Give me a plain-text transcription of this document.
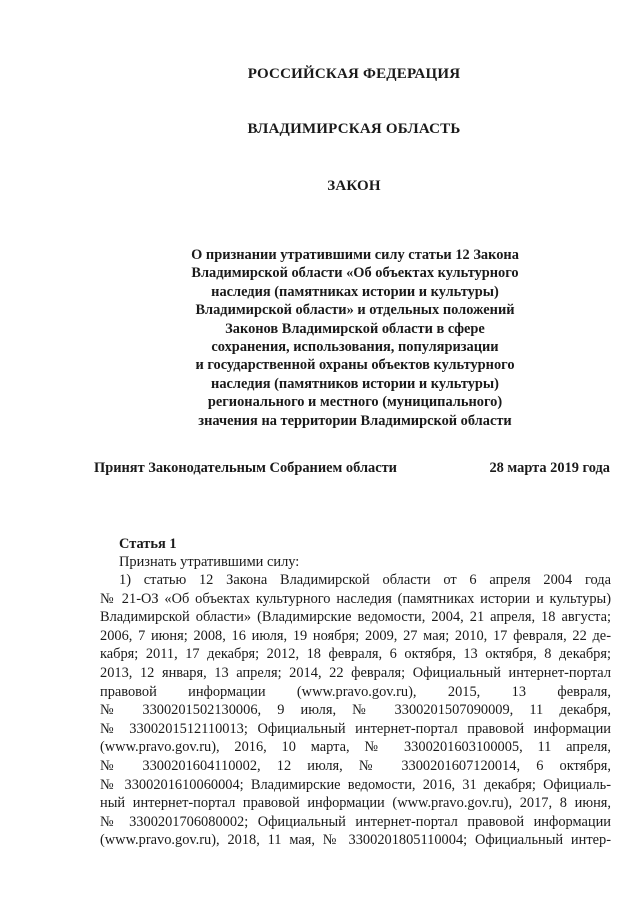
РОССИЙСКАЯ ФЕДЕРАЦИЯ
ВЛАДИМИРСКАЯ ОБЛАСТЬ
ЗАКОН
О признании утратившими силу статьи 12 Закона
Владимирской области «Об объектах культурного
наследия (памятниках истории и культуры)
Владимирской области» и отдельных положений
Законов Владимирской области в сфере
сохранения, использования, популяризации
и государственной охраны объектов культурного
наследия (памятников истории и культуры)
регионального и местного (муниципального)
значения на территории Владимирской области
Принят Законодательным Собранием области	28 марта 2019 года
Статья 1
Признать утратившими силу:
1) статью 12 Закона Владимирской области от 6 апреля 2004 года
№ 21-ОЗ «Об объектах культурного наследия (памятниках истории и культуры)
Владимирской области» (Владимирские ведомости, 2004, 21 апреля, 18 августа;
2006, 7 июня; 2008, 16 июля, 19 ноября; 2009, 27 мая; 2010, 17 февраля, 22 де-
кабря; 2011, 17 декабря; 2012, 18 февраля, 6 октября, 13 октября, 8 декабря;
2013, 12 января, 13 апреля; 2014, 22 февраля; Официальный интернет-портал
правовой информации (www.pravo.gov.ru), 2015, 13 февраля,
№ 3300201502130006, 9 июля, № 3300201507090009, 11 декабря,
№ 3300201512110013; Официальный интернет-портал правовой информации
(www.pravo.gov.ru), 2016, 10 марта, № 3300201603100005, 11 апреля,
№ 3300201604110002, 12 июля, № 3300201607120014, 6 октября,
№ 3300201610060004; Владимирские ведомости, 2016, 31 декабря; Официаль-
ный интернет-портал правовой информации (www.pravo.gov.ru), 2017, 8 июня,
№ 3300201706080002; Официальный интернет-портал правовой информации
(www.pravo.gov.ru), 2018, 11 мая, № 3300201805110004; Официальный интер-
